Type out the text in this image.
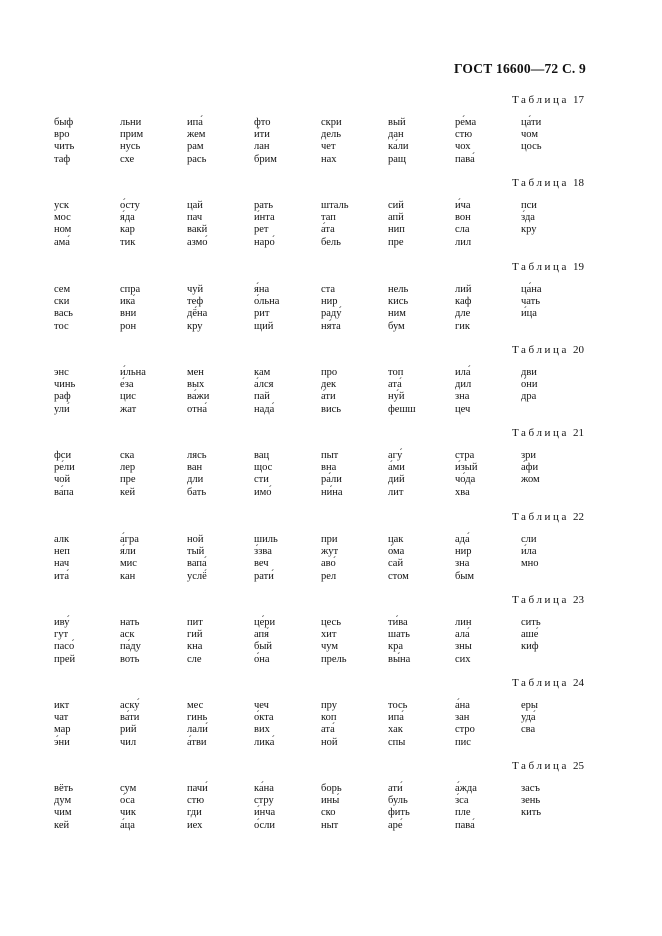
ГОСТ 16600—72 С. 9
Таблица 17
быф
вро
чить
таф
льни
прим
нусь
схе
ипа́
жем
рам
рась
фто
и́ти
лан
брим
скри
дель
чет
нах
вый
дан
ка́ли
ращ
ре́ма
стю
чох
пава́
ца́ти
чом
цось
Таблица 18
уск
мос
ном
ама́
о́сту
я́да
кар
тик
цай
пач
вакй
азмо́
рать
и́нта
рет
наро́
шталь
тап
а́та
бель
сий
апй
нип
пре
и́ча
вон
сла
лил
пси
з́да
кру
Таблица 19
сем
ски
вась
тос
спра
ика́
вни
рон
чуй
теф
дё́на
кру
я́на
о́льна
рит
щий
ста
нир
раду́
ня́та
нель
кись
ним
бум
лий
каф
дле
гик
ца́на
чать
и́ца
Таблица 20
энс
чинь
раф
ули́
и́льна
е́за
цис
жат
мен
вых
ва́жи
отна́
кам
а́лся
пай
нада́
про
дек
а́ти
вись
топ
ата́
ну́й
фешш
ила́
дил
зна
цеч
дви
о́ни
дра
Таблица 21
фси
ре́ли
чой
ва́па
ска
лер
пре
кей
лясь
ван
дли
бать
вац
щос
сти
имо́
пыт
вна
ра́ли
ни́на
агу́
а́ми
дий
лит
стра
и́зый
чо́да
хва
зри
а́фи
жом
Таблица 22
алк
неп
нач
ита́
а́гра
я́ли
мис
кан
ной
тый
вапа́
услё́
шиль
з́зва
веч
рати́
при
жут
аво́
рел
цак
о́ма
сай
стом
ада́
нир
зна
бым
сли
и́ла
мно
Таблица 23
иву́
гут
пасо́
прей
нать
аск
па́ду
воть
пит
гий
кна
сле
це́ри
апя́
бый
о́на
цесь
хит
чум
прель
ти́ва
шать
кра
вы́на
лин
ала́
зны
сих
сить
аше́
киф
Таблица 24
икт
чат
мар
э́ни
аску́
ва́ти
рий
чил
мес
гинь
лали́
а́тви
чеч
о́кта
вих
лика́
пру
коп
ата́
ной
тось
ипа́
хак
спы
а́на
зан
стро
пис
еры
уда́
сва
Таблица 25
вёть
дум
чим
кей
сум
о́са
чик
а́ца
пачи́
стю
гди
иех
ка́на
стру
и́нча
о́сли
борь
ины́
ско
ныт
ати́
буль
фить
аре́
а́жда
з́са
пле
пава́
засъ
зень
кить
